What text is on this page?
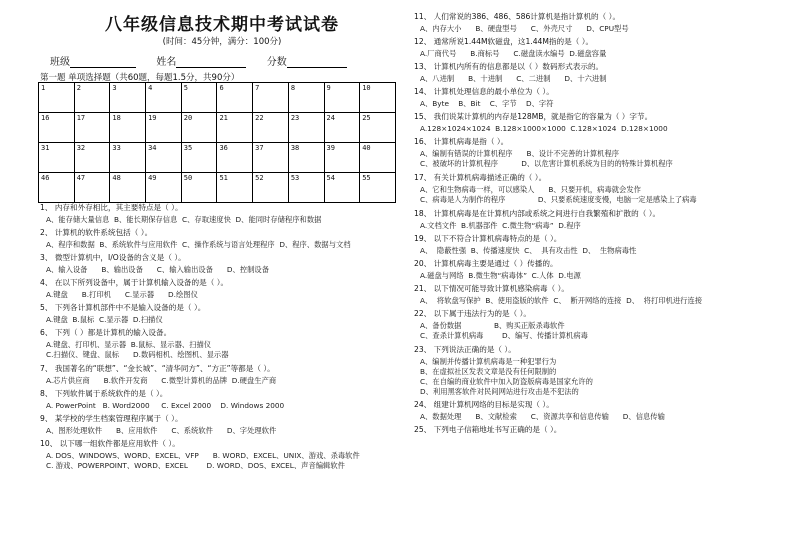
八年级信息技术期中考试试卷
(时间：45分钟，满分：100分)
班级	姓名	分数
第一题 单项选择题（共60题，每题1.5分，共90分）
1	2	3	4	5	6	7	8	9	10
16	17	18	19	20	21	22	23	24	25
31	32	33	34	35	36	37	38	39	40
46	47	48	49	50	51	52	53	54	55
1、 内存和外存相比，其主要特点是（ ）。
A、能存储大量信息  B、能长期保存信息  C、存取速度快  D、能同时存储程序和数据
2、 计算机的软件系统包括（ ）。
A、程序和数据  B、系统软件与应用软件  C、操作系统与语言处理程序  D、程序、数据与文档
3、 微型计算机中，I/O设备的含义是（ ）。
A、输入设备      B、输出设备      C、输入输出设备      D、控制设备
4、 在以下所列设备中，属于计算机输入设备的是（ ）。
A.键盘      B.打印机      C.显示器      D.绘图仪
5、 下列各计算机部件中不是输入设备的是（ ）。
A.键盘  B.鼠标  C.显示器  D.扫描仪
6、 下列（ ）都是计算机的输入设备。
A.键盘、打印机、显示器  B.鼠标、显示器、扫描仪
C.扫描仪、键盘、鼠标      D.数码相机、绘图机、显示器
7、 我国著名的“联想”、“金长城”、“清华同方”、“方正”等都是（ ）。
A.芯片供应商      B.软件开发商      C.微型计算机的品牌  D.硬盘生产商
8、 下列软件属于系统软件的是（ ）。
A. PowerPoint   B. Word2000     C. Excel 2000    D. Windows 2000
9、 某学校的学生档案管理程序属于（ ）。
A、图形处理软件      B、应用软件      C、系统软件      D、字处理软件
10、 以下哪一组软件都是应用软件（ ）。
A. DOS、WINDOWS、WORD、EXCEL、VFP      B. WORD、EXCEL、UNIX、游戏、杀毒软件
C. 游戏、POWERPOINT、WORD、EXCEL        D. WORD、DOS、EXCEL、声音编辑软件
11、 人们常说的386、486、586计算机是指计算机的（ ）。
A、内存大小      B、硬盘型号      C、外壳尺寸      D、CPU型号
12、 通常所说1.44M软磁盘，这1.44M指的是（ ）。
A.厂商代号      B.商标号      C.磁盘读水编号  D.磁盘容量
13、 计算机内所有的信息都是以（ ）数码形式表示的。
A、八进制      B、十进制      C、二进制      D、十六进制
14、 计算机处理信息的最小单位为（ ）。
A、Byte    B、Bit    C、字节    D、字符
15、 我们说某计算机的内存是128MB，就是指它的容量为（ ）字节。
A.128×1024×1024  B.128×1000×1000  C.128×1024  D.128×1000
16、 计算机病毒是指（ ）。
A、编制有错误的计算机程序      B、设计不完善的计算机程序
C、被破坏的计算机程序          D、以危害计算机系统为目的的特殊计算机程序
17、 有关计算机病毒描述正确的（ ）。
A、它和生物病毒一样，可以感染人      B、只要开机，病毒就会发作
C、病毒是人为制作的程序              D、只要系统速度变慢，电脑一定是感染上了病毒
18、 计算机病毒是在计算机内部或系统之间进行自我繁殖和扩散的（ ）。
A.文档文件  B.机器部件  C.微生物“病毒”  D.程序
19、 以下不符合计算机病毒特点的是（ ）。
A、  隐蔽性强  B、传播速度快  C、  具有攻击性  D、  生物病毒性
20、 计算机病毒主要是通过（ ）传播的。
A.磁盘与网络  B.微生物“病毒体”  C.人体  D.电源
21、 以下情况可能导致计算机感染病毒（ ）。
A、  将软盘写保护  B、使用盗版的软件  C、  断开网络的连接  D、  将打印机进行连接
22、 以下属于违法行为的是（ ）。
A、备份数据              B、购买正版杀毒软件
C、查杀计算机病毒        D、编写、传播计算机病毒
23、 下列说法正确的是（ ）。
A、编制并传播计算机病毒是一种犯罪行为
B、在虚拟社区发表文章是没有任何限制的
C、在自编的商业软件中加入防盗版病毒是国家允许的
D、利用黑客软件对民间网站进行攻击是不犯法的
24、 组建计算机网络的目标是实现（ ）。
A、数据处理      B、文献检索      C、资源共享和信息传输      D、信息传输
25、 下列电子信箱地址书写正确的是（ ）。
